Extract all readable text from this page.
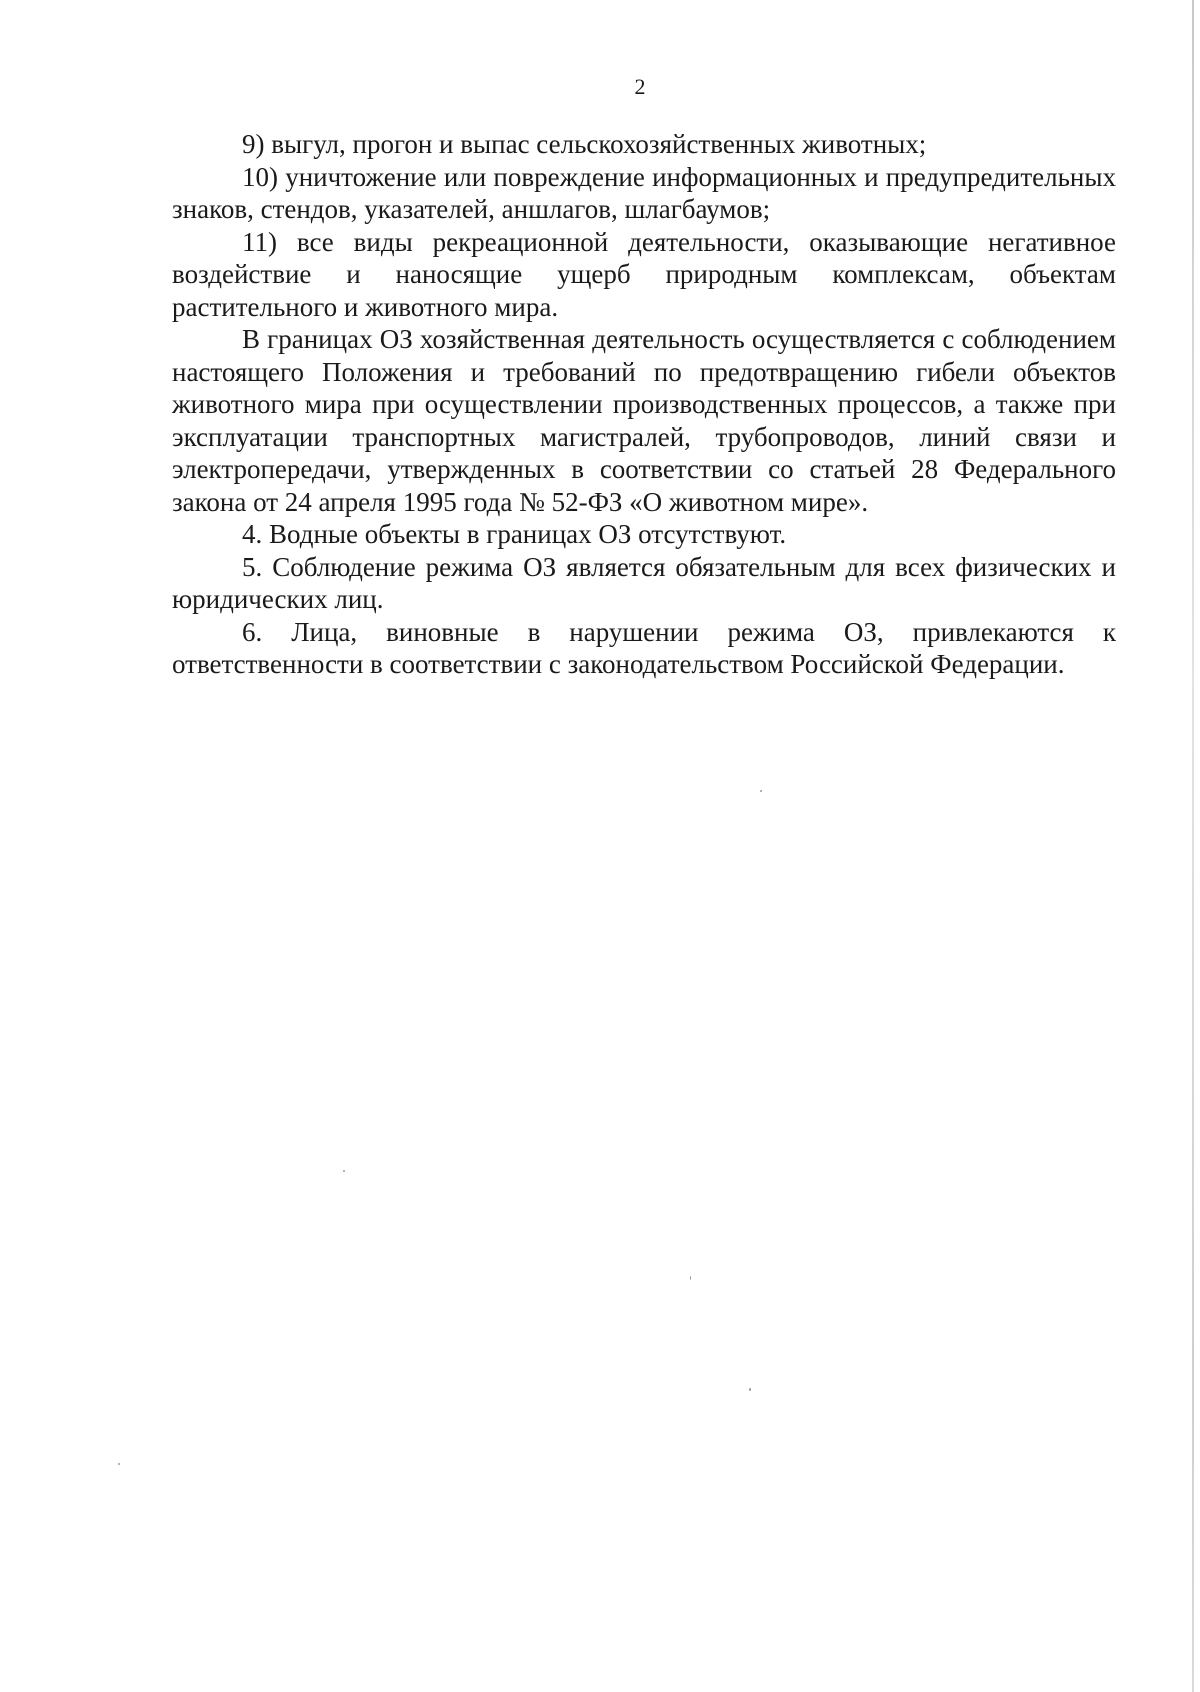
2

9) выгул, прогон и выпас сельскохозяйственных животных;

10) уничтожение или повреждение информационных и предупредительных знаков, стендов, указателей, аншлагов, шлагбаумов;

11) все виды рекреационной деятельности, оказывающие негативное воздействие и наносящие ущерб природным комплексам, объектам растительного и животного мира.

В границах ОЗ хозяйственная деятельность осуществляется с соблюдением настоящего Положения и требований по предотвращению гибели объектов животного мира при осуществлении производственных процессов, а также при эксплуатации транспортных магистралей, трубопроводов, линий связи и электропередачи, утвержденных в соответствии со статьей 28 Федерального закона от 24 апреля 1995 года № 52-ФЗ «О животном мире».

4. Водные объекты в границах ОЗ отсутствуют.

5. Соблюдение режима ОЗ является обязательным для всех физических и юридических лиц.

6. Лица, виновные в нарушении режима ОЗ, привлекаются к ответственности в соответствии с законодательством Российской Федерации.
